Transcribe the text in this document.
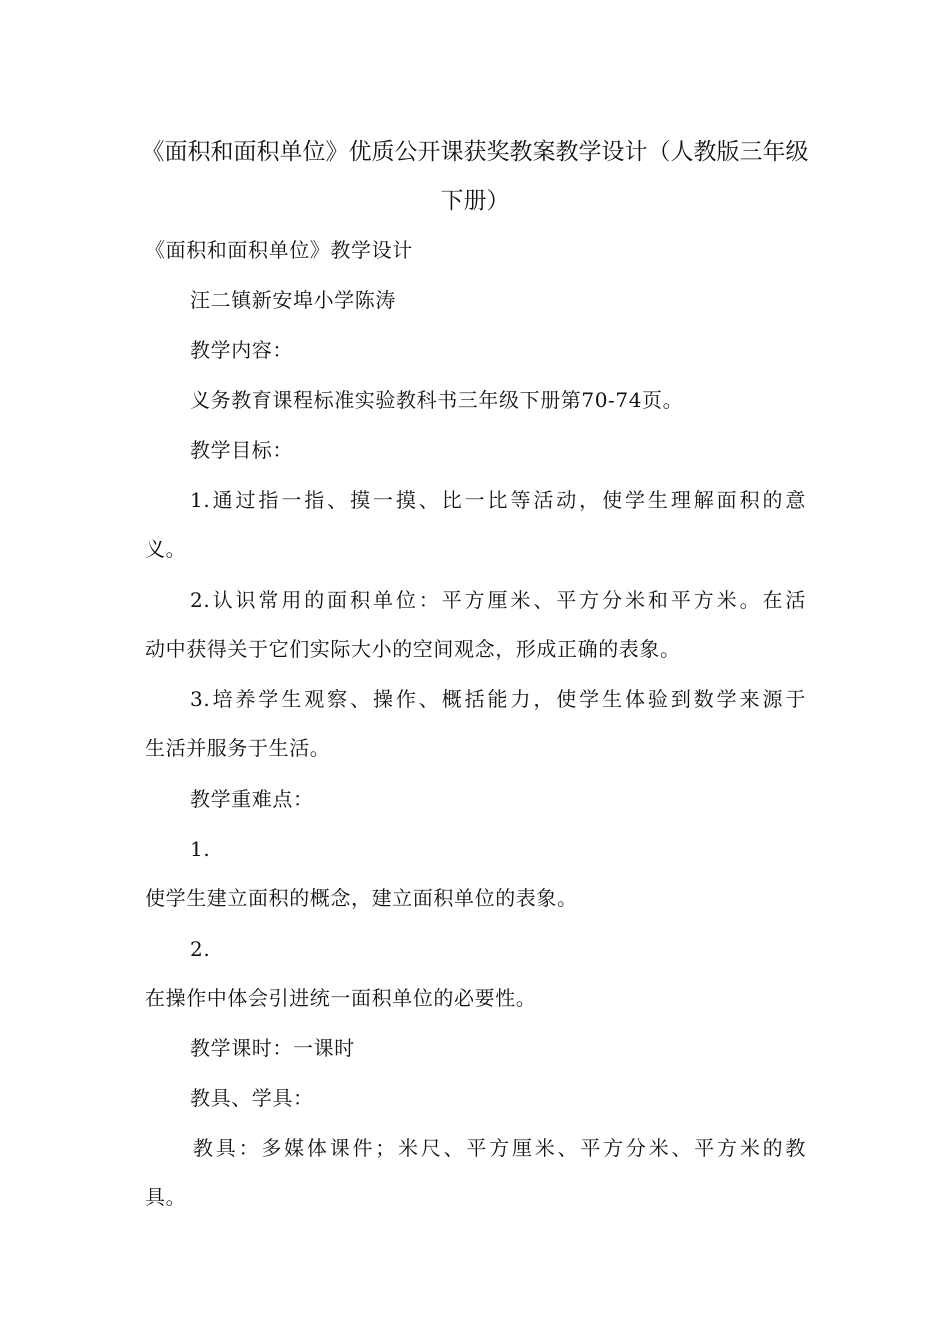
《面积和面积单位》优质公开课获奖教案教学设计（人教版三年级
下册）

《面积和面积单位》教学设计

汪二镇新安埠小学陈涛

教学内容：

义务教育课程标准实验教科书三年级下册第70-74页。

教学目标：

1.通过指一指、摸一摸、比一比等活动，使学生理解面积的意

义。

2.认识常用的面积单位：平方厘米、平方分米和平方米。在活

动中获得关于它们实际大小的空间观念，形成正确的表象。

3.培养学生观察、操作、概括能力，使学生体验到数学来源于

生活并服务于生活。

教学重难点：

1.

使学生建立面积的概念，建立面积单位的表象。

2.

在操作中体会引进统一面积单位的必要性。

教学课时：一课时

教具、学具：

教具：多媒体课件；米尺、平方厘米、平方分米、平方米的教

具。
